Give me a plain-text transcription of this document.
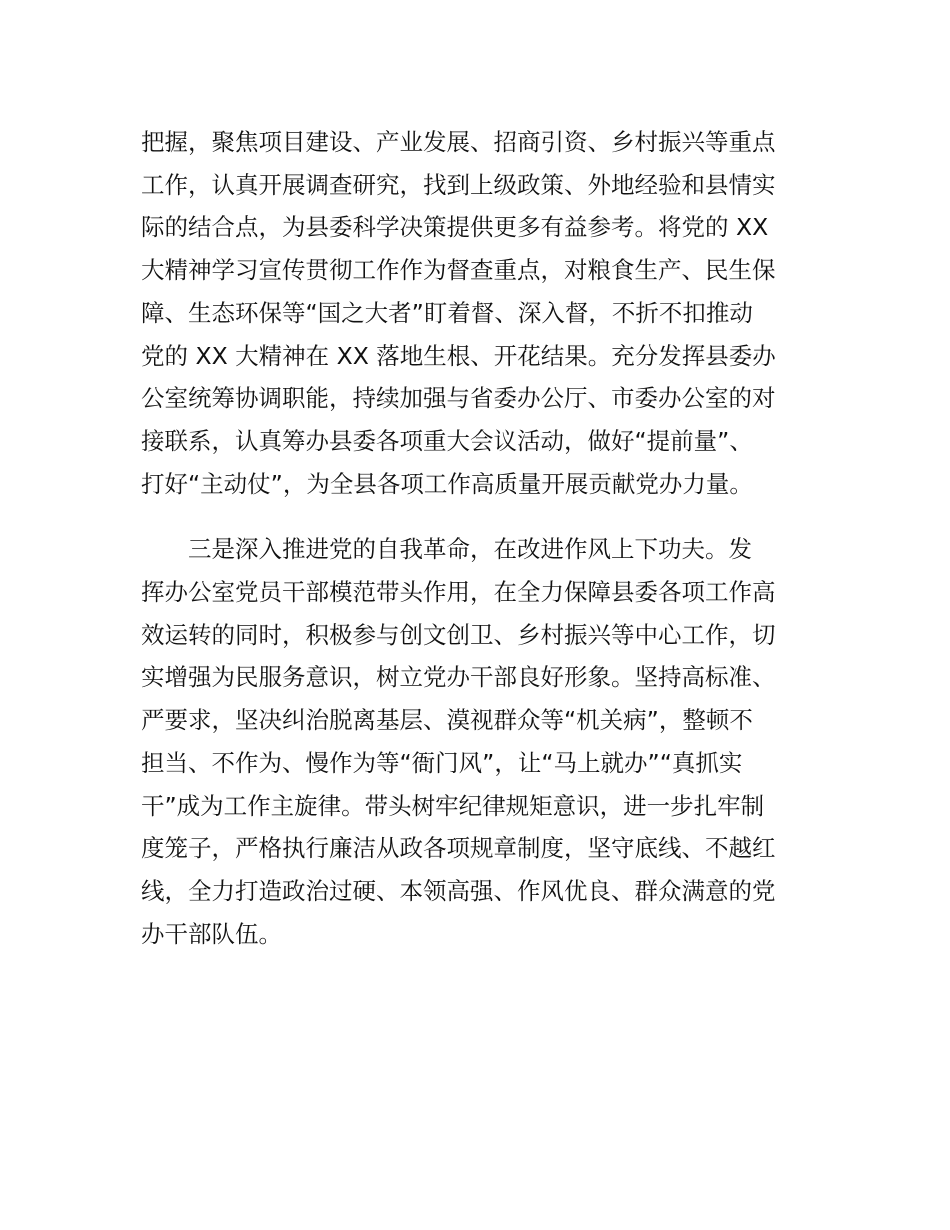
把握，聚焦项目建设、产业发展、招商引资、乡村振兴等重点

工作，认真开展调查研究，找到上级政策、外地经验和县情实

际的结合点，为县委科学决策提供更多有益参考。将党的 XX

大精神学习宣传贯彻工作作为督查重点，对粮食生产、民生保

障、生态环保等“国之大者”盯着督、深入督，不折不扣推动

党的 XX 大精神在 XX 落地生根、开花结果。充分发挥县委办

公室统筹协调职能，持续加强与省委办公厅、市委办公室的对

接联系，认真筹办县委各项重大会议活动，做好“提前量”、

打好“主动仗”，为全县各项工作高质量开展贡献党办力量。

三是深入推进党的自我革命，在改进作风上下功夫。发

挥办公室党员干部模范带头作用，在全力保障县委各项工作高

效运转的同时，积极参与创文创卫、乡村振兴等中心工作，切

实增强为民服务意识，树立党办干部良好形象。坚持高标准、

严要求，坚决纠治脱离基层、漠视群众等“机关病”，整顿不

担当、不作为、慢作为等“衙门风”，让“马上就办”“真抓实

干”成为工作主旋律。带头树牢纪律规矩意识，进一步扎牢制

度笼子，严格执行廉洁从政各项规章制度，坚守底线、不越红

线，全力打造政治过硬、本领高强、作风优良、群众满意的党

办干部队伍。
